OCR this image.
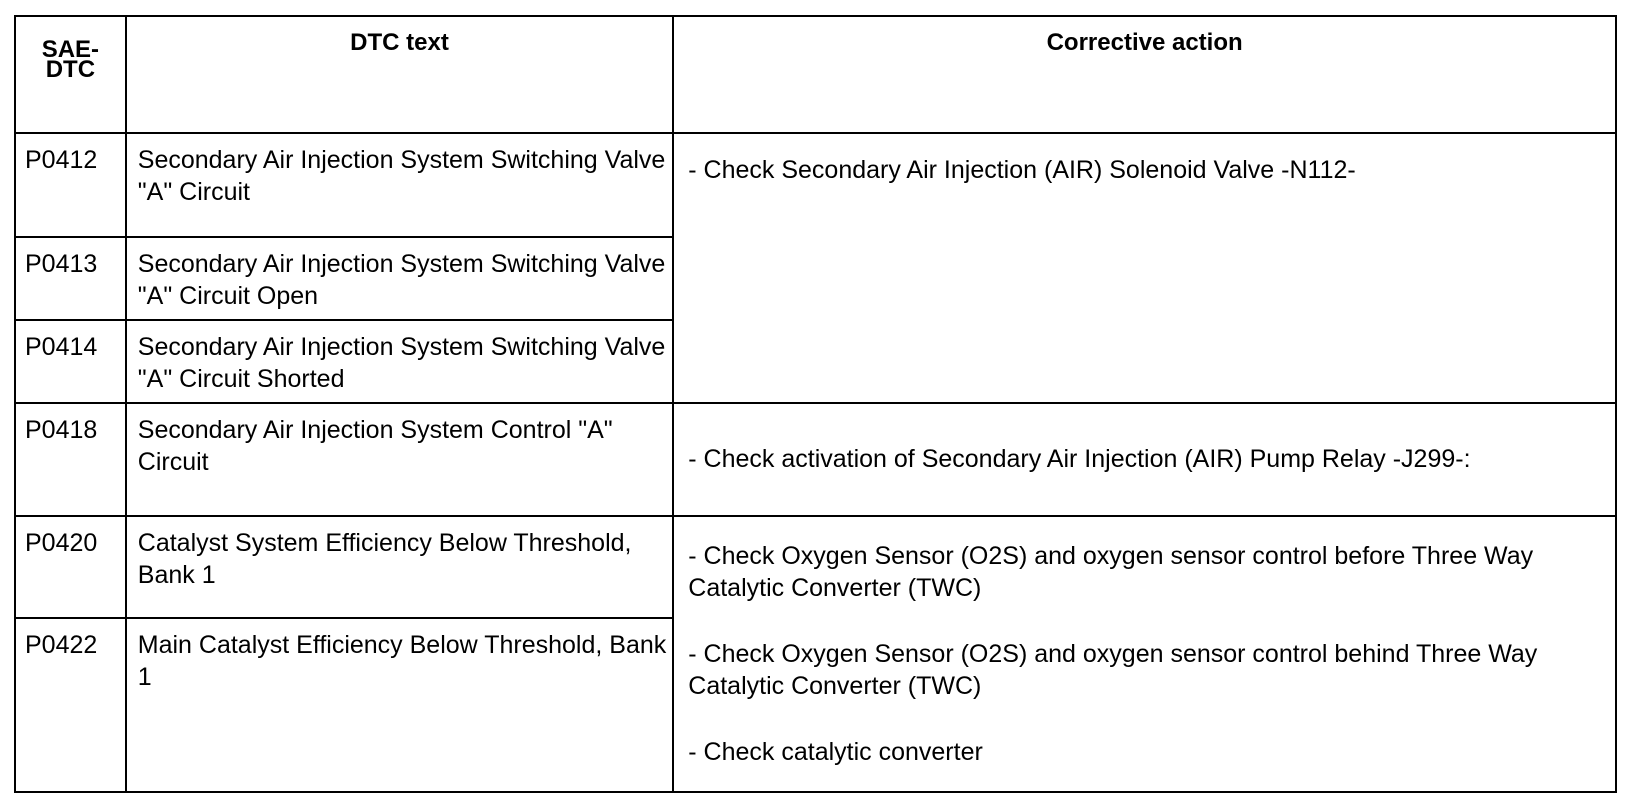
SAE-
DTC	DTC text	Corrective action
P0412	Secondary Air Injection System Switching Valve "A" Circuit	- Check Secondary Air Injection (AIR) Solenoid Valve -N112-

P0413	Secondary Air Injection System Switching Valve "A" Circuit Open	
P0414	Secondary Air Injection System Switching Valve "A" Circuit Shorted	
P0418	Secondary Air Injection System Control "A" Circuit	- Check activation of Secondary Air Injection (AIR) Pump Relay -J299-:

P0420	Catalyst System Efficiency Below Threshold, Bank 1	- Check Oxygen Sensor (O2S) and oxygen sensor control before Three Way Catalytic Converter (TWC)
- Check Oxygen Sensor (O2S) and oxygen sensor control behind Three Way Catalytic Converter (TWC)
- Check catalytic converter

P0422	Main Catalyst Efficiency Below Threshold, Bank 1	
